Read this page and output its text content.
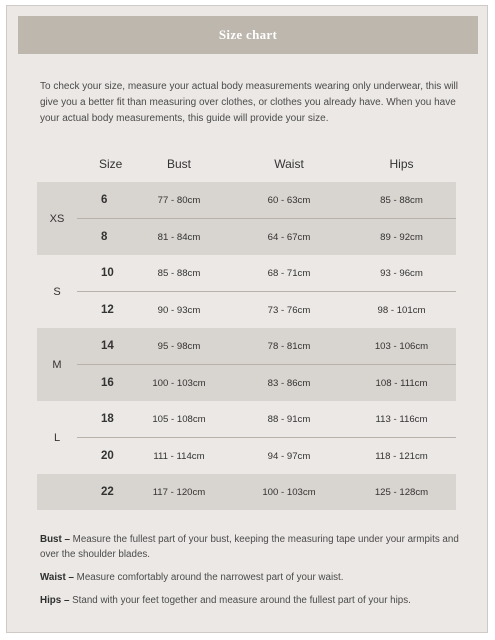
Size chart
To check your size, measure your actual body measurements wearing only underwear, this will give you a better fit than measuring over clothes, or clothes you already have. When you have your actual body measurements, this guide will provide your size.
	Size	Bust	Waist	Hips
XS	6	77 - 80cm	60 - 63cm	85 - 88cm
	8	81 - 84cm	64 - 67cm	89 - 92cm
S	10	85 - 88cm	68 - 71cm	93 - 96cm
	12	90 - 93cm	73 - 76cm	98 - 101cm
M	14	95 - 98cm	78 - 81cm	103 - 106cm
	16	100 - 103cm	83 - 86cm	108 - 111cm
L	18	105 - 108cm	88 - 91cm	113 - 116cm
	20	111 - 114cm	94 - 97cm	118 - 121cm
	22	117 - 120cm	100 - 103cm	125 - 128cm
Bust – Measure the fullest part of your bust, keeping the measuring tape under your armpits and over the shoulder blades.
Waist – Measure comfortably around the narrowest part of your waist.
Hips – Stand with your feet together and measure around the fullest part of your hips.
